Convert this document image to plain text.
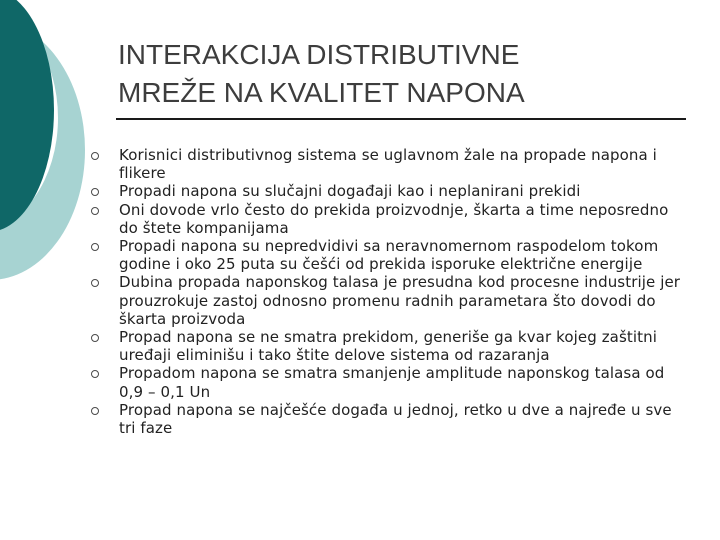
INTERAKCIJA DISTRIBUTIVNE
MREŽE NA KVALITET NAPONA
Korisnici distributivnog sistema se uglavnom žale na propade napona i flikere
Propadi napona su slučajni događaji kao i neplanirani prekidi
Oni dovode vrlo često do prekida proizvodnje, škarta a time neposredno do štete kompanijama
Propadi napona su nepredvidivi sa neravnomernom raspodelom tokom godine i oko 25 puta su češći od prekida isporuke električne energije
Dubina propada naponskog talasa je presudna kod procesne industrije jer prouzrokuje zastoj odnosno promenu radnih parametara što dovodi do škarta proizvoda
Propad napona se ne smatra prekidom, generiše ga kvar kojeg zaštitni uređaji eliminišu i tako štite delove sistema od razaranja
Propadom napona se smatra smanjenje amplitude naponskog talasa od 0,9 – 0,1 Un
Propad napona se najčešće događa u jednoj, retko u dve a najređe u sve tri faze
